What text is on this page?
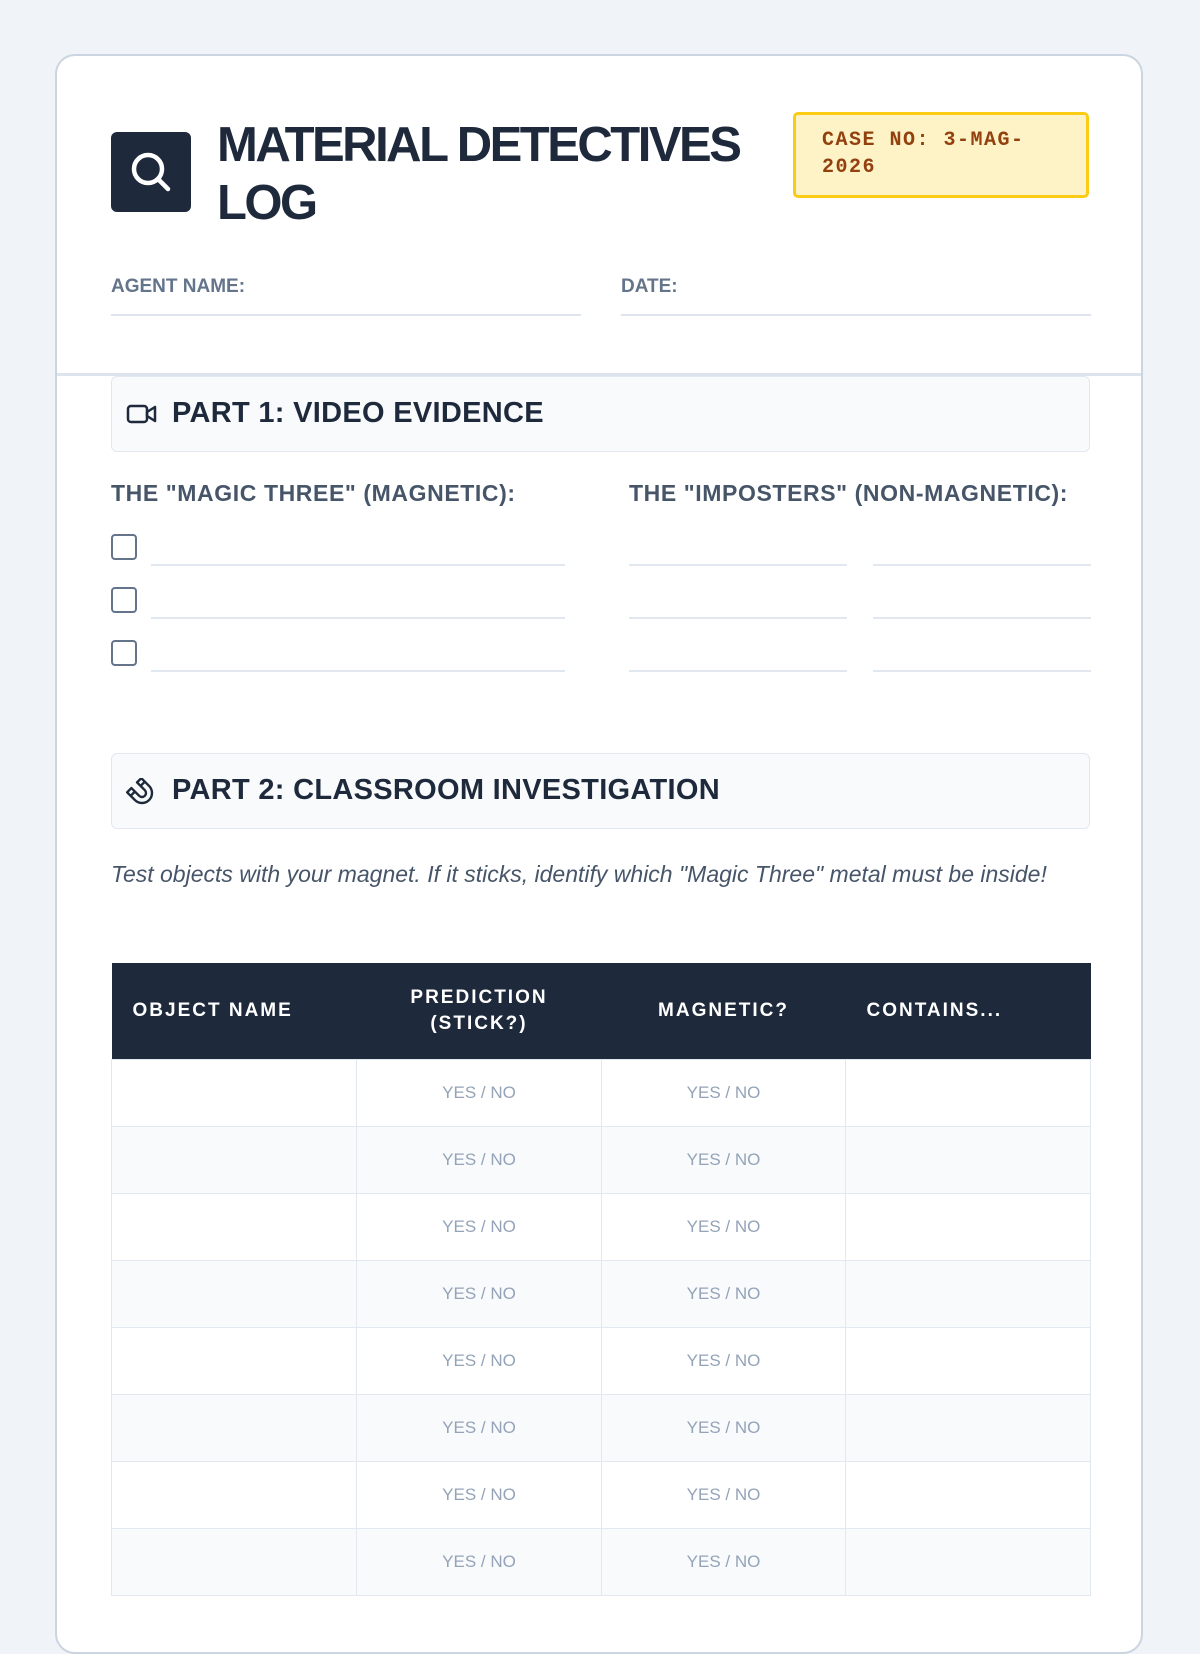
MATERIAL DETECTIVES LOG
CASE NO: 3-MAG-2026
AGENT NAME:	DATE:
PART 1: VIDEO EVIDENCE
THE "MAGIC THREE" (MAGNETIC):	THE "IMPOSTERS" (NON-MAGNETIC):
PART 2: CLASSROOM INVESTIGATION

Test objects with your magnet. If it sticks, identify which "Magic Three" metal must be inside!

OBJECT NAME	PREDICTION (STICK?)	MAGNETIC?	CONTAINS...
	YES / NO	YES / NO	
	YES / NO	YES / NO	
	YES / NO	YES / NO	
	YES / NO	YES / NO	
	YES / NO	YES / NO	
	YES / NO	YES / NO	
	YES / NO	YES / NO	
	YES / NO	YES / NO	
